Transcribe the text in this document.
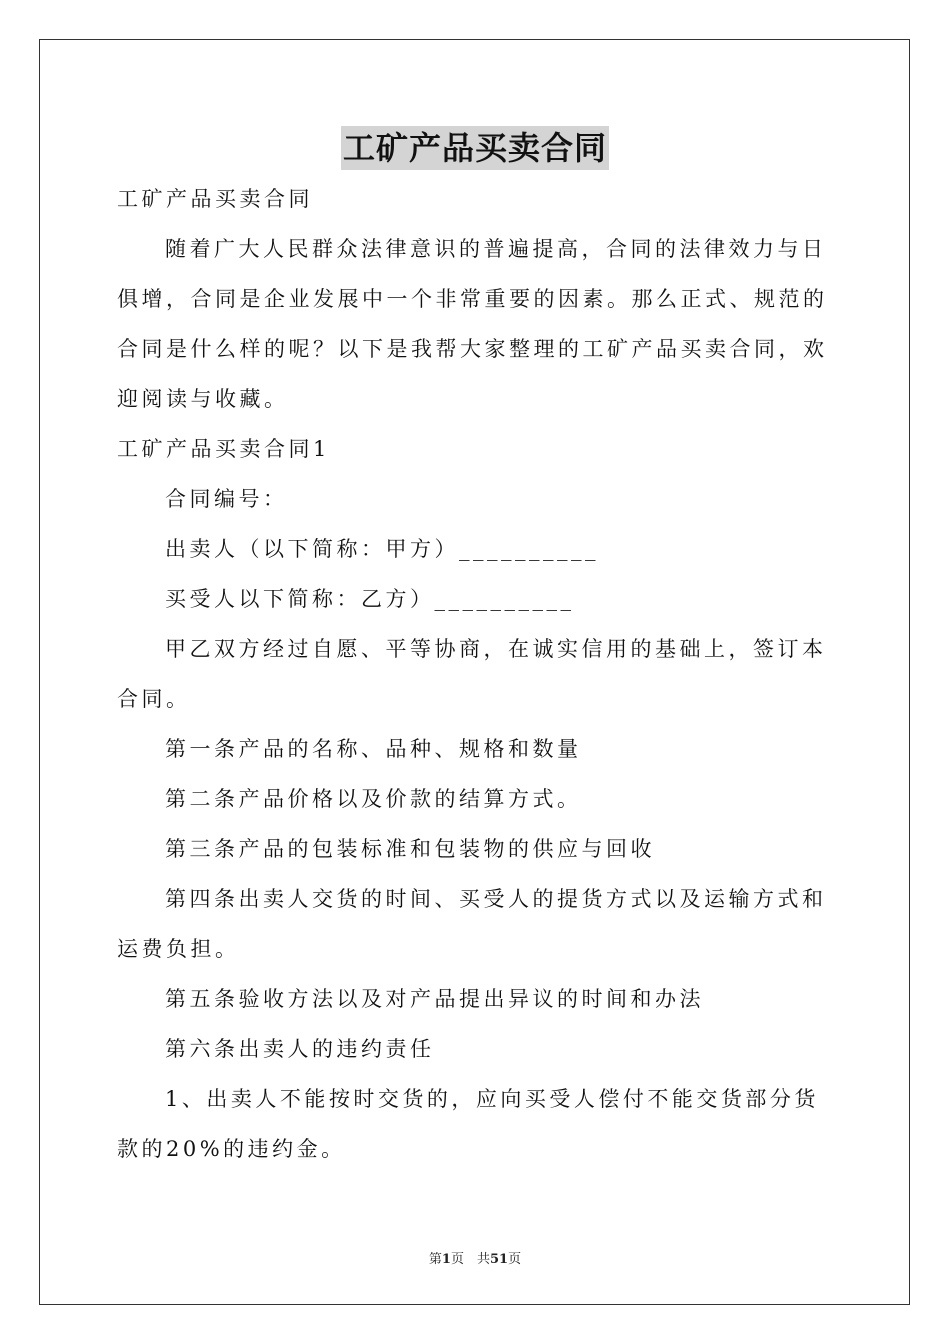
工矿产品买卖合同

工矿产品买卖合同

随着广大人民群众法律意识的普遍提高，合同的法律效力与日俱增，合同是企业发展中一个非常重要的因素。那么正式、规范的合同是什么样的呢？以下是我帮大家整理的工矿产品买卖合同，欢迎阅读与收藏。

工矿产品买卖合同1

合同编号：

出卖人（以下简称：甲方）__________

买受人以下简称：乙方）__________

甲乙双方经过自愿、平等协商，在诚实信用的基础上，签订本合同。

第一条产品的名称、品种、规格和数量

第二条产品价格以及价款的结算方式。

第三条产品的包装标准和包装物的供应与回收

第四条出卖人交货的时间、买受人的提货方式以及运输方式和运费负担。

第五条验收方法以及对产品提出异议的时间和办法

第六条出卖人的违约责任

1、出卖人不能按时交货的，应向买受人偿付不能交货部分货款的20%的违约金。

第1页　共51页
